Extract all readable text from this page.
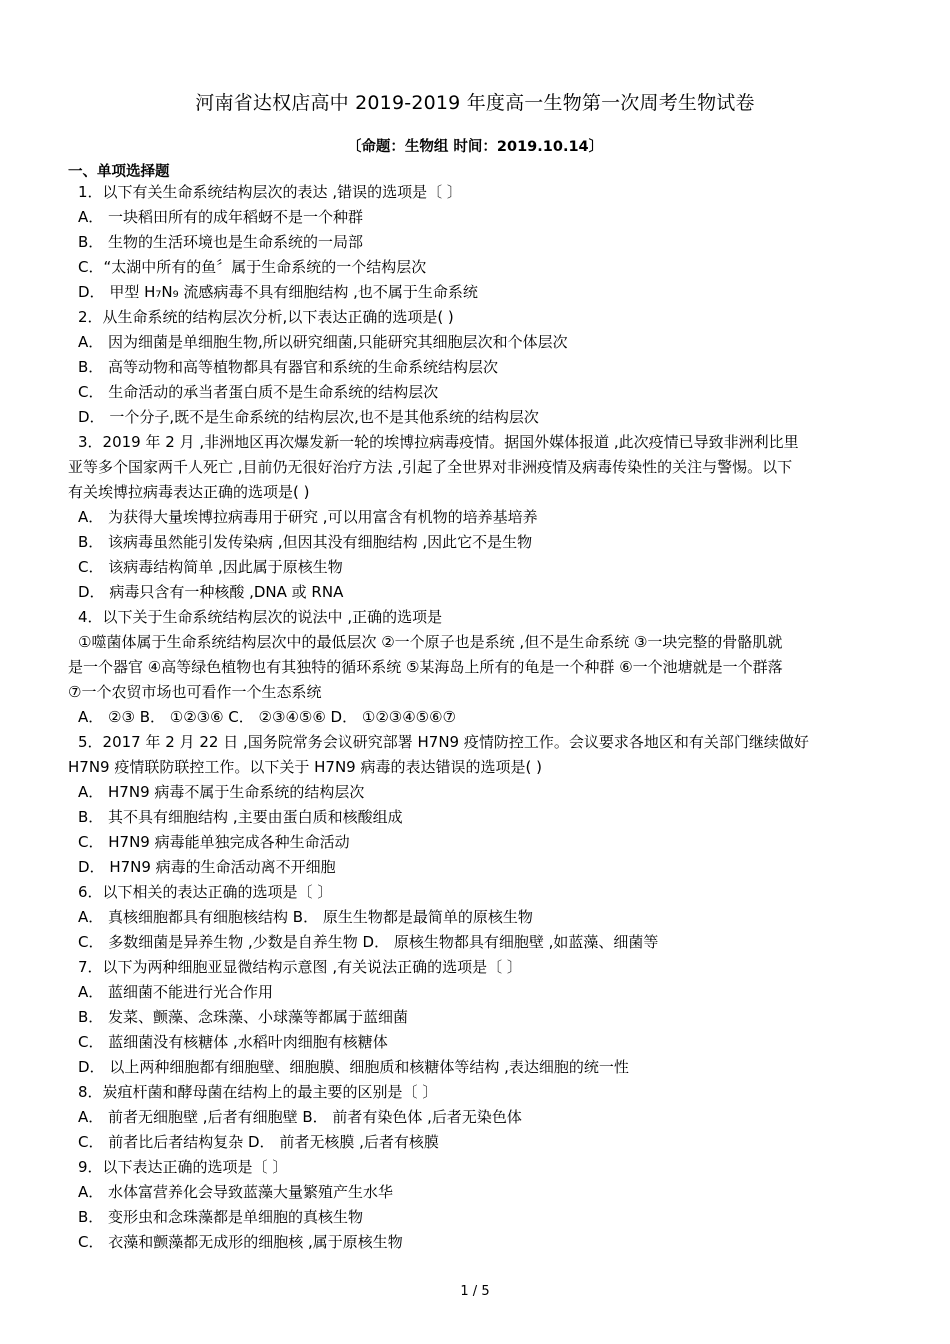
河南省达权店高中 2019-2019 年度高一生物第一次周考生物试卷
〔命题：生物组 时间：2019.10.14〕
一、单项选择题
1．以下有关生命系统结构层次的表达 ,错误的选项是〔 〕
A． 一块稻田所有的成年稻蚜不是一个种群
B． 生物的生活环境也是生命系统的一局部
C．“太湖中所有的鱼〞属于生命系统的一个结构层次
D． 甲型 H₇N₉ 流感病毒不具有细胞结构 ,也不属于生命系统
2．从生命系统的结构层次分析,以下表达正确的选项是( )
A． 因为细菌是单细胞生物,所以研究细菌,只能研究其细胞层次和个体层次
B． 高等动物和高等植物都具有器官和系统的生命系统结构层次
C． 生命活动的承当者蛋白质不是生命系统的结构层次
D． 一个分子,既不是生命系统的结构层次,也不是其他系统的结构层次
3．2019 年 2 月 ,非洲地区再次爆发新一轮的埃博拉病毒疫情。据国外媒体报道 ,此次疫情已导致非洲利比里
亚等多个国家两千人死亡 ,目前仍无很好治疗方法 ,引起了全世界对非洲疫情及病毒传染性的关注与警惕。以下
有关埃博拉病毒表达正确的选项是( )
A． 为获得大量埃博拉病毒用于研究 ,可以用富含有机物的培养基培养
B． 该病毒虽然能引发传染病 ,但因其没有细胞结构 ,因此它不是生物
C． 该病毒结构简单 ,因此属于原核生物
D． 病毒只含有一种核酸 ,DNA 或 RNA
4．以下关于生命系统结构层次的说法中 ,正确的选项是
①噬菌体属于生命系统结构层次中的最低层次 ②一个原子也是系统 ,但不是生命系统 ③一块完整的骨骼肌就
是一个器官 ④高等绿色植物也有其独特的循环系统 ⑤某海岛上所有的龟是一个种群 ⑥一个池塘就是一个群落
⑦一个农贸市场也可看作一个生态系统
A． ②③ B． ①②③⑥ C． ②③④⑤⑥ D． ①②③④⑤⑥⑦
5．2017 年 2 月 22 日 ,国务院常务会议研究部署 H7N9 疫情防控工作。会议要求各地区和有关部门继续做好
H7N9 疫情联防联控工作。以下关于 H7N9 病毒的表达错误的选项是( )
A． H7N9 病毒不属于生命系统的结构层次
B． 其不具有细胞结构 ,主要由蛋白质和核酸组成
C． H7N9 病毒能单独完成各种生命活动
D． H7N9 病毒的生命活动离不开细胞
6．以下相关的表达正确的选项是〔 〕
A． 真核细胞都具有细胞核结构 B． 原生生物都是最简单的原核生物
C． 多数细菌是异养生物 ,少数是自养生物 D． 原核生物都具有细胞壁 ,如蓝藻、细菌等
7．以下为两种细胞亚显微结构示意图 ,有关说法正确的选项是〔 〕
A． 蓝细菌不能进行光合作用
B． 发菜、颤藻、念珠藻、小球藻等都属于蓝细菌
C． 蓝细菌没有核糖体 ,水稻叶肉细胞有核糖体
D． 以上两种细胞都有细胞壁、细胞膜、细胞质和核糖体等结构 ,表达细胞的统一性
8．炭疽杆菌和酵母菌在结构上的最主要的区别是〔 〕
A． 前者无细胞壁 ,后者有细胞壁 B． 前者有染色体 ,后者无染色体
C． 前者比后者结构复杂 D． 前者无核膜 ,后者有核膜
9．以下表达正确的选项是〔 〕
A． 水体富营养化会导致蓝藻大量繁殖产生水华
B． 变形虫和念珠藻都是单细胞的真核生物
C． 衣藻和颤藻都无成形的细胞核 ,属于原核生物
1 / 5
